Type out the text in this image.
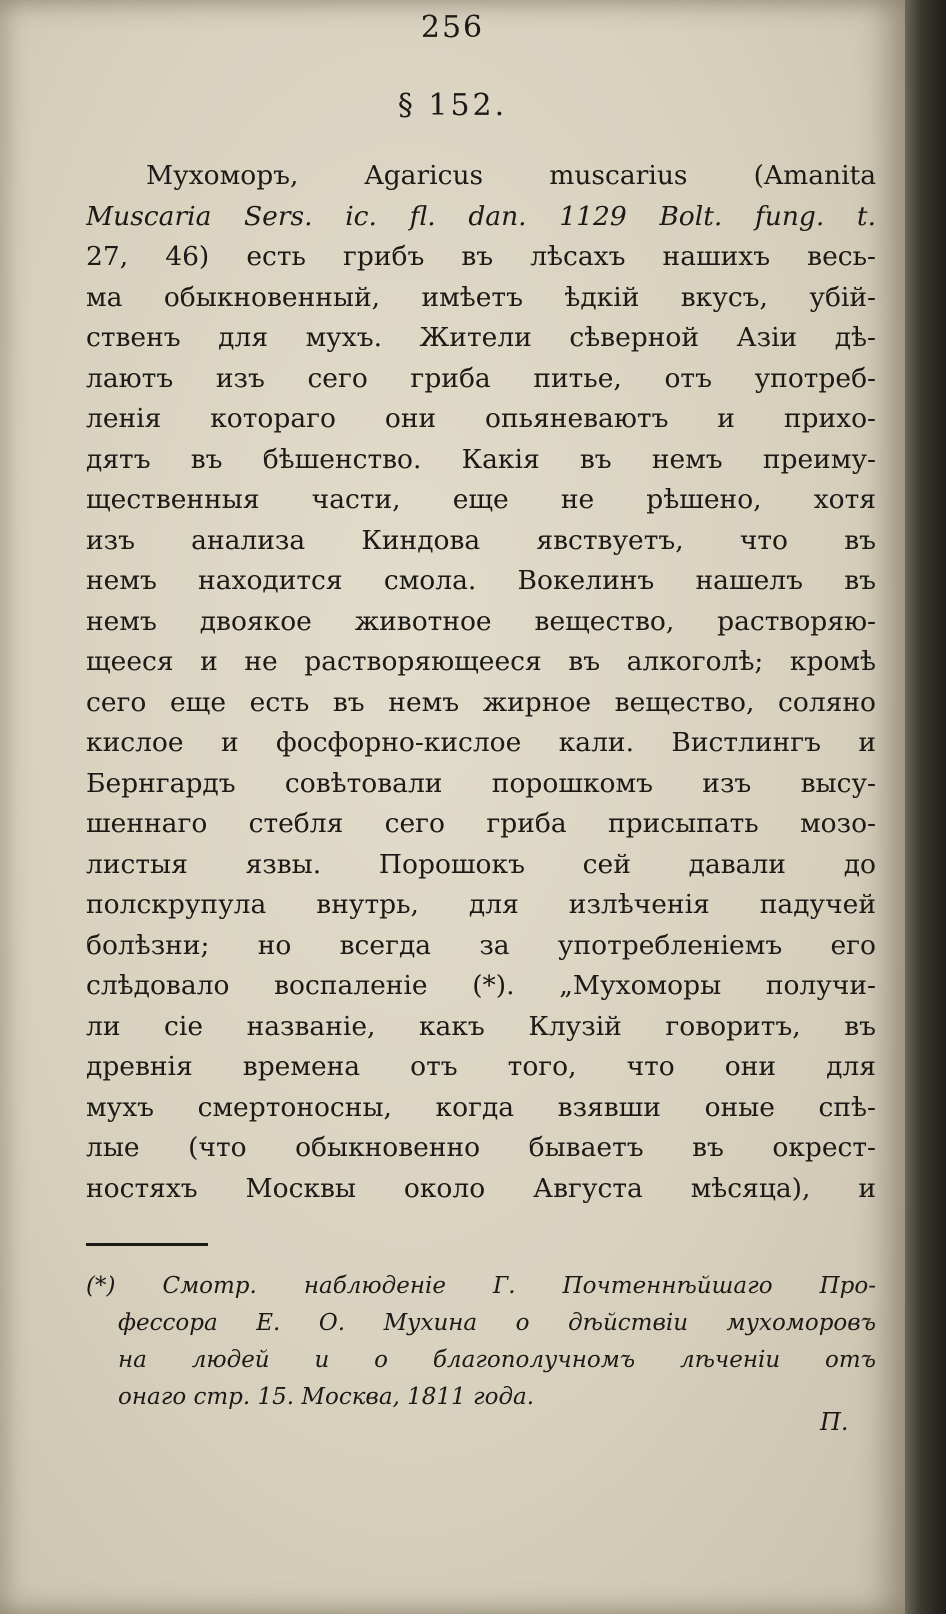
256
§ 152.
Мухоморъ, Agaricus muscarius (Amanita
Muscaria Sers. ic. fl. dan. 1129 Bolt. fung. t.
27, 46) есть грибъ въ лѣсахъ нашихъ весь-
ма обыкновенный, имѣетъ ѣдкій вкусъ, убій-
ственъ для мухъ. Жители сѣверной Азіи дѣ-
лаютъ изъ сего гриба питье, отъ употреб-
ленія котораго они опьяневаютъ и прихо-
дятъ въ бѣшенство. Какія въ немъ преиму-
щественныя части, еще не рѣшено, хотя
изъ анализа Киндова явствуетъ, что въ
немъ находится смола. Вокелинъ нашелъ въ
немъ двоякое животное вещество, растворяю-
щееся и не растворяющееся въ алкоголѣ; кромѣ
сего еще есть въ немъ жирное вещество, соляно
кислое и фосфорно-кислое кали. Вистлингъ и
Бернгардъ совѣтовали порошкомъ изъ высу-
шеннаго стебля сего гриба присыпать мозо-
листыя язвы. Порошокъ сей давали до
полскрупула внутрь, для излѣченія падучей
болѣзни; но всегда за употребленіемъ его
слѣдовало воспаленіе (*). „Мухоморы получи-
ли сіе названіе, какъ Клузій говоритъ, въ
древнія времена отъ того, что они для
мухъ смертоносны, когда взявши оные спѣ-
лые (что обыкновенно бываетъ въ окрест-
ностяхъ Москвы около Августа мѣсяца), и
(*) Смотр. наблюденіе Г. Почтеннѣйшаго Про-
фессора Е. О. Мухина о дѣйствіи мухоморовъ
на людей и о благополучномъ лѣченіи отъ
онаго стр. 15. Москва, 1811 года.
П.
